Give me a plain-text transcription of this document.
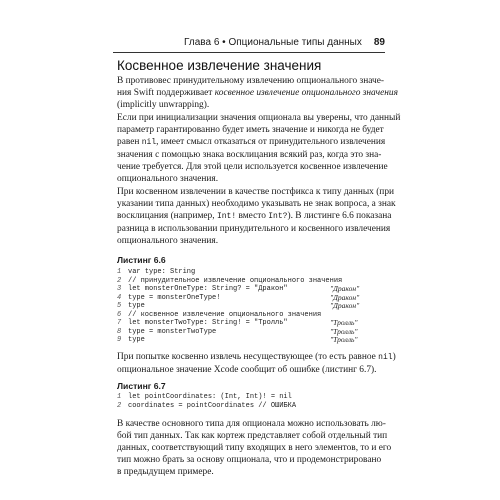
Глава 6 • Опциональные типы данных 89
Косвенное извлечение значения
В противовес принудительному извлечению опционального значе-
ния Swift поддерживает косвенное извлечение опционального значения
(implicitly unwrapping).
Если при инициализации значения опционала вы уверены, что данный
параметр гарантированно будет иметь значение и никогда не будет
равен nil, имеет смысл отказаться от принудительного извлечения
значения с помощью знака восклицания всякий раз, когда это зна-
чение требуется. Для этой цели используется косвенное извлечение
опционального значения.
При косвенном извлечении в качестве постфикса к типу данных (при
указании типа данных) необходимо указывать не знак вопроса, а знак
восклицания (например, Int! вместо Int?). В листинге 6.6 показана
разница в использовании принудительного и косвенного извлечения
опционального значения.
Листинг 6.6
1 var type: String
2 // принудительное извлечение опционального значения
3 let monsterOneType: String? = "Дракон"	"Дракон"
4 type = monsterOneType!	"Дракон"
5 type	"Дракон"
6 // косвенное извлечение опционального значения
7 let monsterTwoType: String! = "Тролль"	"Тролль"
8 type = monsterTwoType	"Тролль"
9 type	"Тролль"
При попытке косвенно извлечь несуществующее (то есть равное nil)
опциональное значение Xcode сообщит об ошибке (листинг 6.7).
Листинг 6.7
1 let pointCoordinates: (Int, Int)! = nil
2 coordinates = pointCoordinates // ОШИБКА
В качестве основного типа для опционала можно использовать лю-
бой тип данных. Так как кортеж представляет собой отдельный тип
данных, соответствующий типу входящих в него элементов, то и его
тип можно брать за основу опционала, что и продемонстрировано
в предыдущем примере.
